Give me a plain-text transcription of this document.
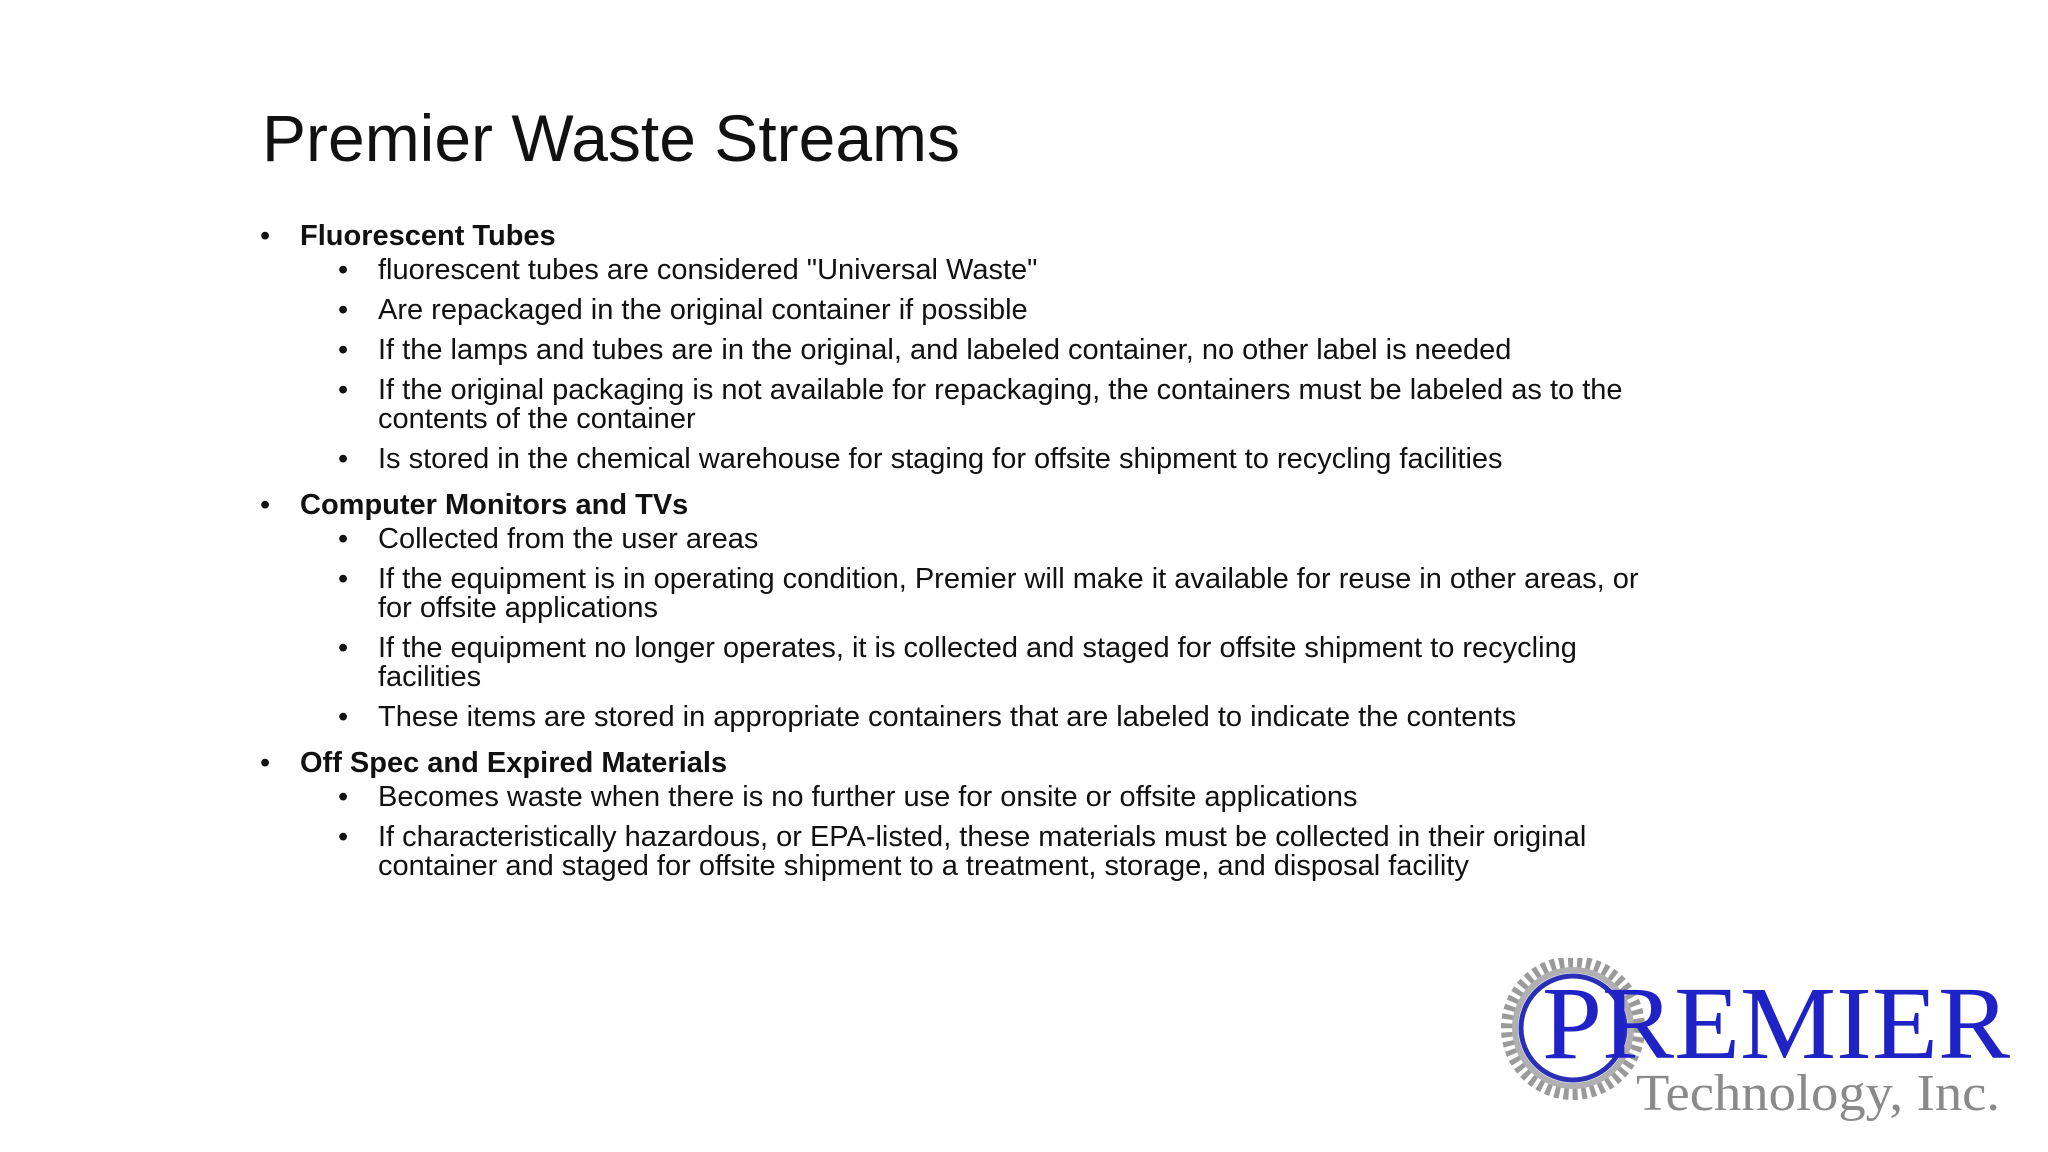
Premier Waste Streams
• Fluorescent Tubes
• fluorescent tubes are considered "Universal Waste"
• Are repackaged in the original container if possible
• If the lamps and tubes are in the original, and labeled container, no other label is needed
• If the original packaging is not available for repackaging, the containers must be labeled as to the contents of the container
• Is stored in the chemical warehouse for staging for offsite shipment to recycling facilities
• Computer Monitors and TVs
• Collected from the user areas
• If the equipment is in operating condition, Premier will make it available for reuse in other areas, or for offsite applications
• If the equipment no longer operates, it is collected and staged for offsite shipment to recycling facilities
• These items are stored in appropriate containers that are labeled to indicate the contents
• Off Spec and Expired Materials
• Becomes waste when there is no further use for onsite or offsite applications
• If characteristically hazardous, or EPA-listed, these materials must be collected in their original container and staged for offsite shipment to a treatment, storage, and disposal facility
PREMIER
Technology, Inc.
